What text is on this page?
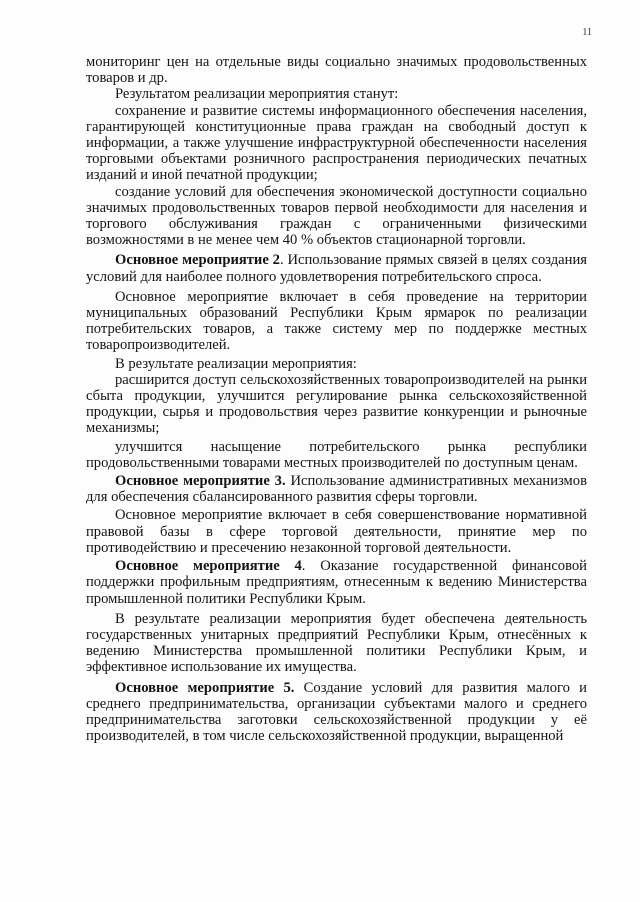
11

мониторинг цен на отдельные виды социально значимых продовольственных товаров и др.

Результатом реализации мероприятия станут:

сохранение и развитие системы информационного обеспечения населения, гарантирующей конституционные права граждан на свободный доступ к информации, а также улучшение инфраструктурной обеспеченности населения торговыми объектами розничного распространения периодических печатных изданий и иной печатной продукции;

создание условий для обеспечения экономической доступности социально значимых продовольственных товаров первой необходимости для населения и торгового обслуживания граждан с ограниченными физическими возможностями в не менее чем 40 % объектов стационарной торговли.

Основное мероприятие 2. Использование прямых связей в целях создания условий для наиболее полного удовлетворения потребительского спроса.

Основное мероприятие включает в себя проведение на территории муниципальных образований Республики Крым ярмарок по реализации потребительских товаров, а также систему мер по поддержке местных товаропроизводителей.

В результате реализации мероприятия:

расширится доступ сельскохозяйственных товаропроизводителей на рынки сбыта продукции, улучшится регулирование рынка сельскохозяйственной продукции, сырья и продовольствия через развитие конкуренции и рыночные механизмы;

улучшится насыщение потребительского рынка республики продовольственными товарами местных производителей по доступным ценам.

Основное мероприятие 3. Использование административных механизмов для обеспечения сбалансированного развития сферы торговли.

Основное мероприятие включает в себя совершенствование нормативной правовой базы в сфере торговой деятельности, принятие мер по противодействию и пресечению незаконной торговой деятельности.

Основное мероприятие 4. Оказание государственной финансовой поддержки профильным предприятиям, отнесенным к ведению Министерства промышленной политики Республики Крым.

В результате реализации мероприятия будет обеспечена деятельность государственных унитарных предприятий Республики Крым, отнесённых к ведению Министерства промышленной политики Республики Крым, и эффективное использование их имущества.

Основное мероприятие 5. Создание условий для развития малого и среднего предпринимательства, организации субъектами малого и среднего предпринимательства заготовки сельскохозяйственной продукции у её производителей, в том числе сельскохозяйственной продукции, выращенной
